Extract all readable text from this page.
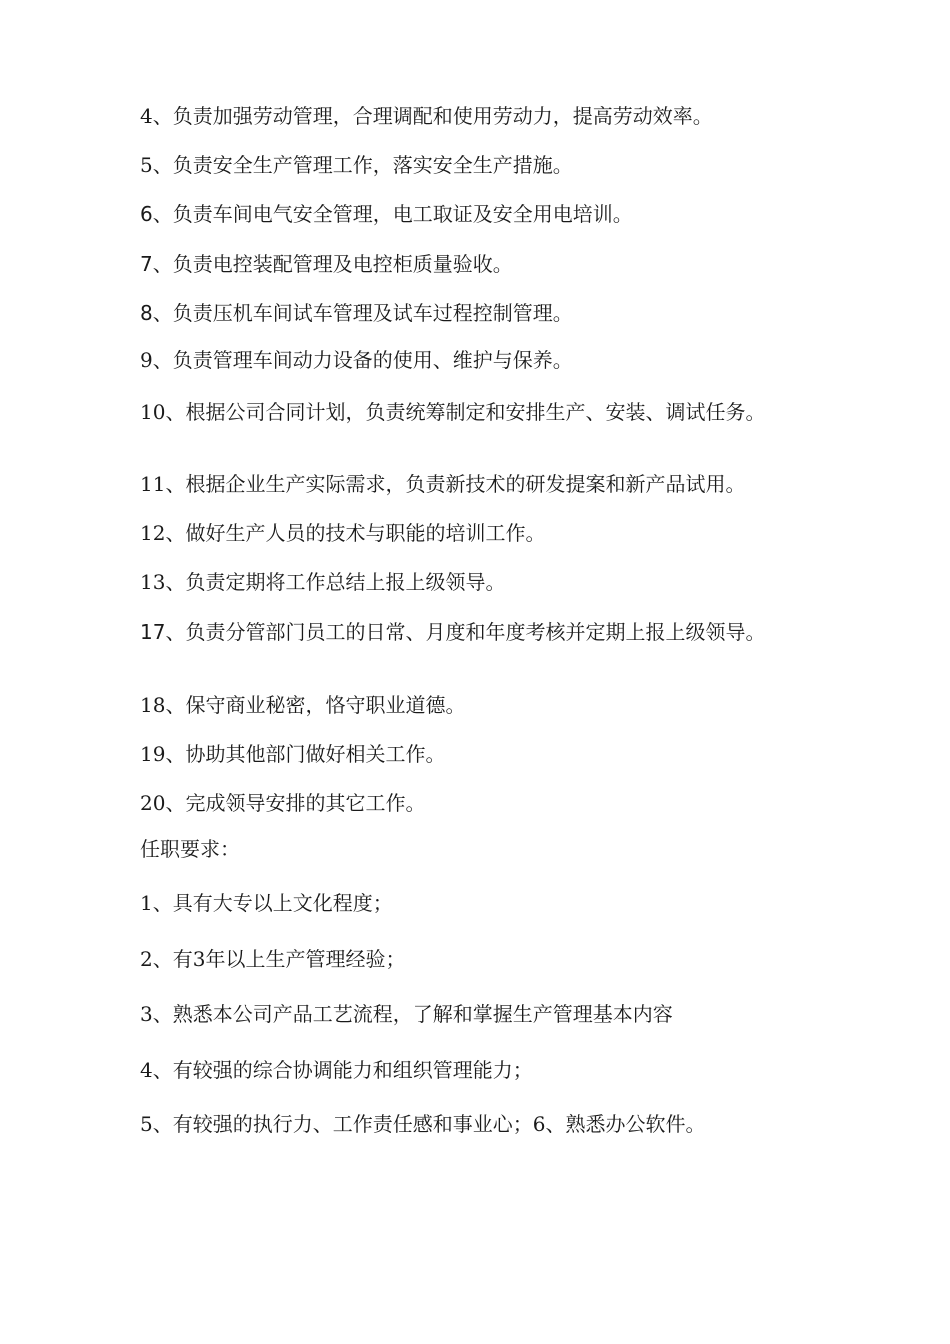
4、负责加强劳动管理，合理调配和使用劳动力，提高劳动效率。
5、负责安全生产管理工作，落实安全生产措施。
6、负责车间电气安全管理，电工取证及安全用电培训。
7、负责电控装配管理及电控柜质量验收。
8、负责压机车间试车管理及试车过程控制管理。
9、负责管理车间动力设备的使用、维护与保养。
10、根据公司合同计划，负责统筹制定和安排生产、安装、调试任务。
11、根据企业生产实际需求，负责新技术的研发提案和新产品试用。
12、做好生产人员的技术与职能的培训工作。
13、负责定期将工作总结上报上级领导。
17、负责分管部门员工的日常、月度和年度考核并定期上报上级领导。
18、保守商业秘密，恪守职业道德。
19、协助其他部门做好相关工作。
20、完成领导安排的其它工作。
任职要求：
1、具有大专以上文化程度；
2、有3年以上生产管理经验；
3、熟悉本公司产品工艺流程，了解和掌握生产管理基本内容
4、有较强的综合协调能力和组织管理能力；
5、有较强的执行力、工作责任感和事业心；6、熟悉办公软件。
